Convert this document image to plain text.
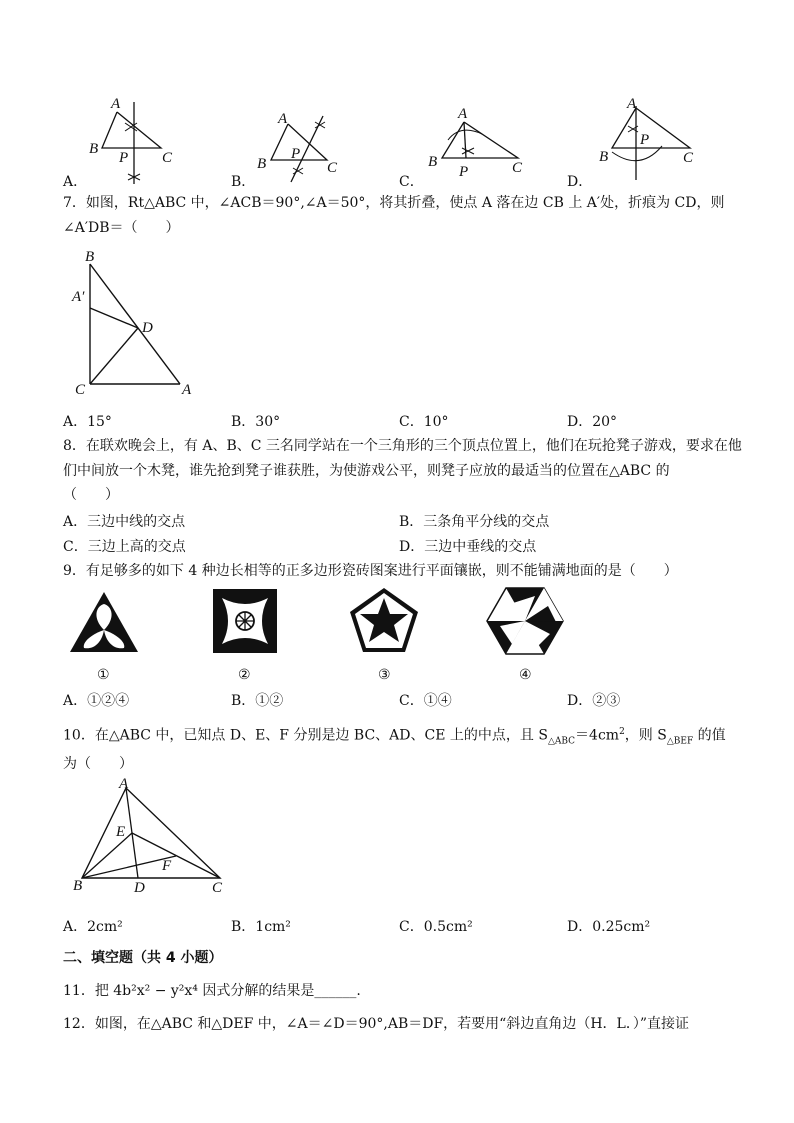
A
B
P C
A．
A
B
P
C
B．
A
B
P	C
C．
A
B
P
C
D．
7．如图，Rt△ABC 中，∠ACB＝90°,∠A＝50°，将其折叠，使点 A 落在边 CB 上 A′处，折痕为 CD，则
∠A′DB＝（　　）
B
A′
D
C	A
A．15°	B．30°	C．10°	D．20°
8．在联欢晚会上，有 A、B、C 三名同学站在一个三角形的三个顶点位置上，他们在玩抢凳子游戏，要求在他
们中间放一个木凳，谁先抢到凳子谁获胜，为使游戏公平，则凳子应放的最适当的位置在△ABC 的
（　　）
A．三边中线的交点	B．三条角平分线的交点
C．三边上高的交点	D．三边中垂线的交点
9．有足够多的如下 4 种边长相等的正多边形瓷砖图案进行平面镶嵌，则不能铺满地面的是（　　）
①	②	③	④
A．①②④	B．①②	C．①④	D．②③
10．在△ABC 中，已知点 D、E、F 分别是边 BC、AD、CE 上的中点，且 $S_{\triangle ABC}=4cm^2$，则 $S_{\triangle BEF}$ 的值
为（　　）
A
E
F
B	D	C
A．2cm²	B．1cm²	C．0.5cm²	D．0.25cm²
二、填空题（共 4 小题）
11．把 4b²x² − y²x⁴ 因式分解的结果是______.
12．如图，在△ABC 和△DEF 中，∠A＝∠D＝90°,AB＝DF，若要用“斜边直角边（H．L．）”直接证
